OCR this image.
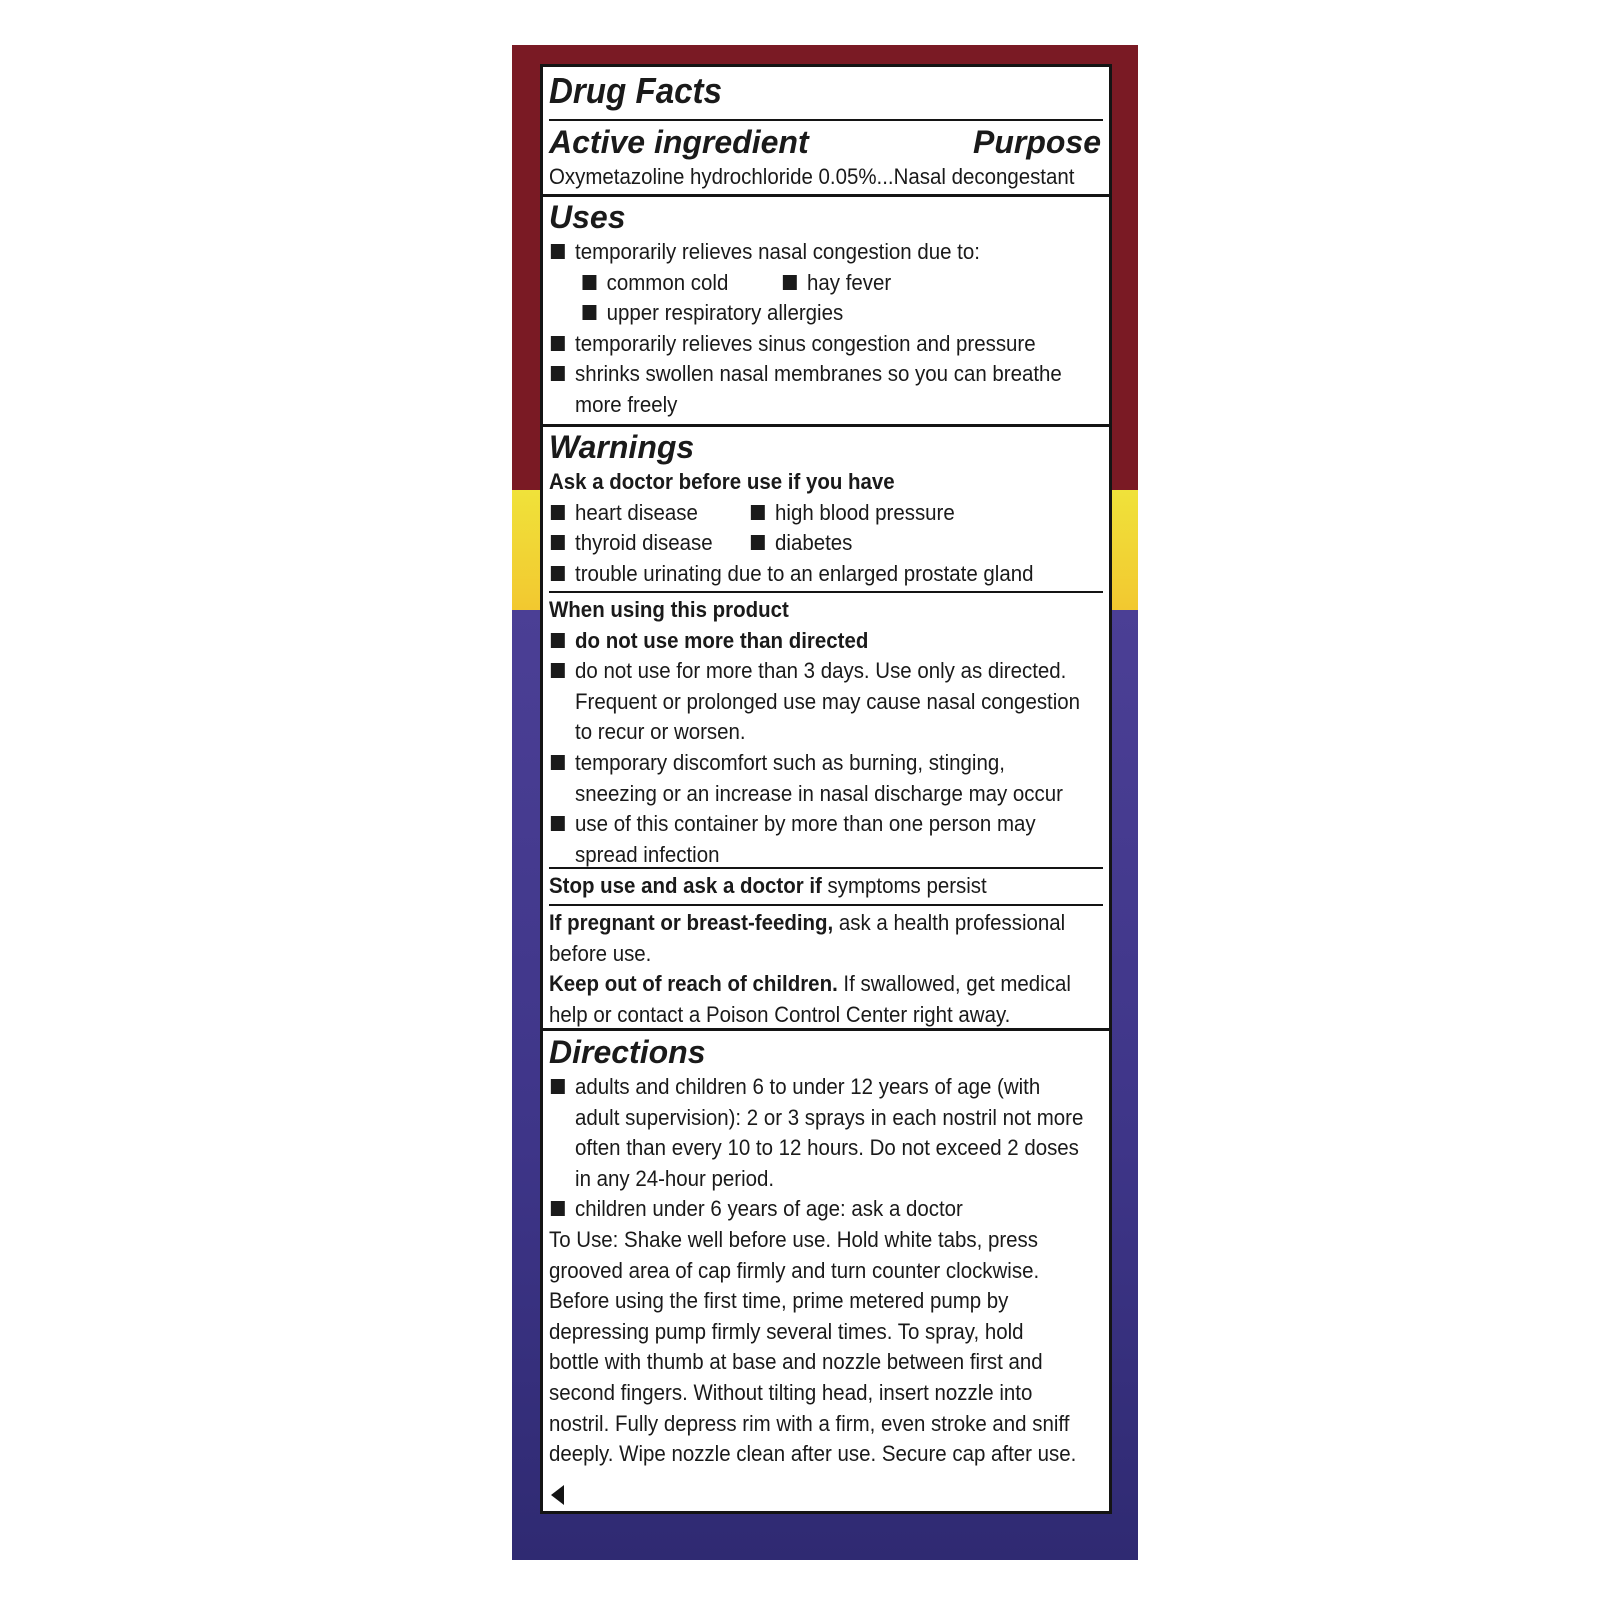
Drug Facts
Active ingredient	Purpose
Oxymetazoline hydrochloride 0.05%...Nasal decongestant
Uses
temporarily relieves nasal congestion due to:
common cold	hay fever
upper respiratory allergies
temporarily relieves sinus congestion and pressure
shrinks swollen nasal membranes so you can breathe
more freely
Warnings
Ask a doctor before use if you have
heart disease	high blood pressure
thyroid disease	diabetes
trouble urinating due to an enlarged prostate gland
When using this product
do not use more than directed
do not use for more than 3 days. Use only as directed.
Frequent or prolonged use may cause nasal congestion
to recur or worsen.
temporary discomfort such as burning, stinging,
sneezing or an increase in nasal discharge may occur
use of this container by more than one person may
spread infection
Stop use and ask a doctor if symptoms persist
If pregnant or breast-feeding, ask a health professional
before use.
Keep out of reach of children. If swallowed, get medical
help or contact a Poison Control Center right away.
Directions
adults and children 6 to under 12 years of age (with
adult supervision): 2 or 3 sprays in each nostril not more
often than every 10 to 12 hours. Do not exceed 2 doses
in any 24-hour period.
children under 6 years of age: ask a doctor
To Use: Shake well before use. Hold white tabs, press
grooved area of cap firmly and turn counter clockwise.
Before using the first time, prime metered pump by
depressing pump firmly several times. To spray, hold
bottle with thumb at base and nozzle between first and
second fingers. Without tilting head, insert nozzle into
nostril. Fully depress rim with a firm, even stroke and sniff
deeply. Wipe nozzle clean after use. Secure cap after use.
